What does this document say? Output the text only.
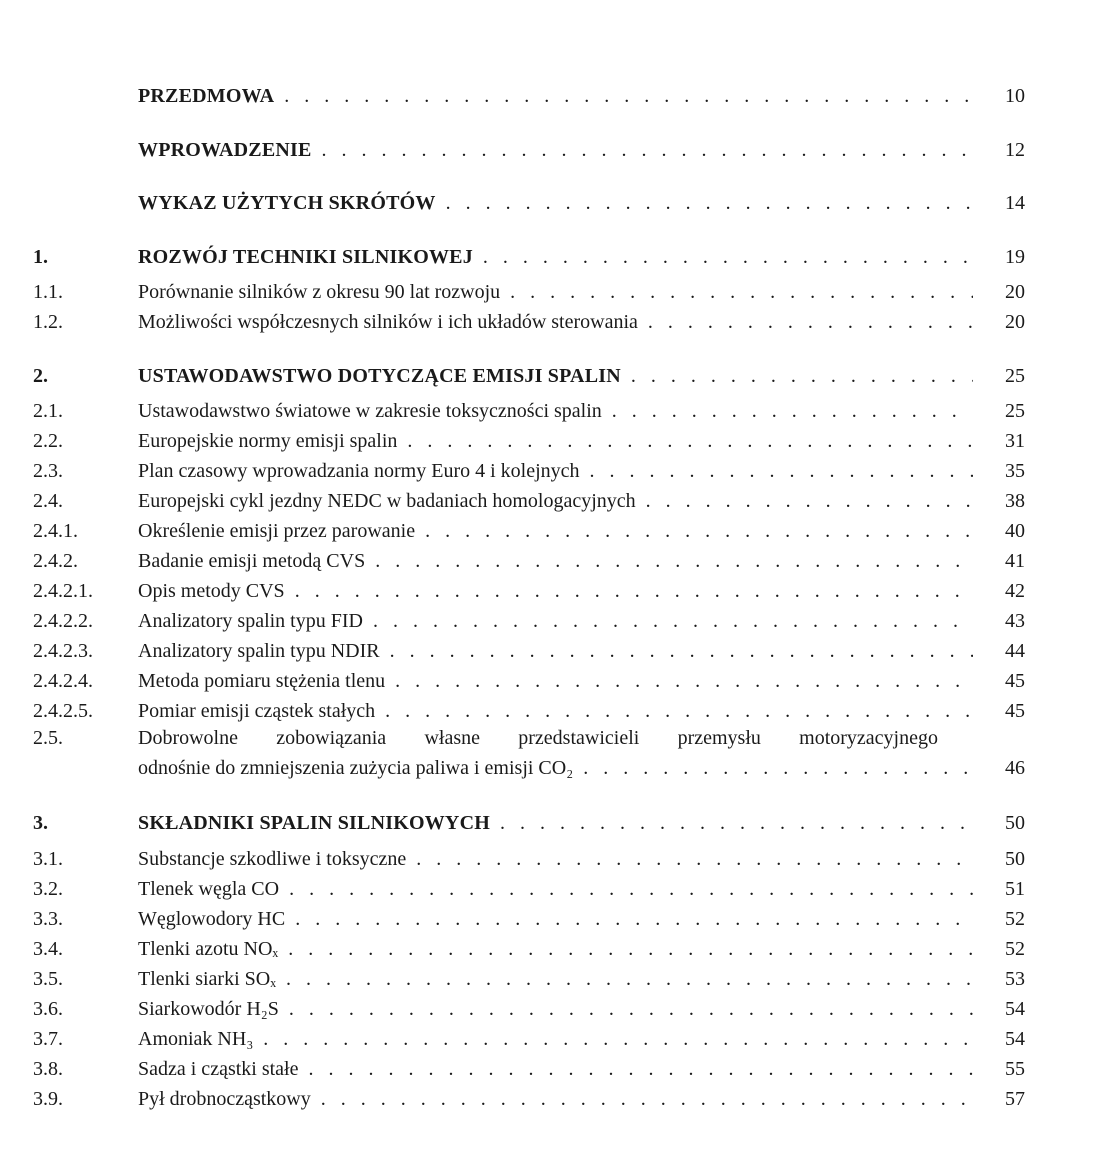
PRZEDMOWA . . .	10
WPROWADZENIE . . .	12
WYKAZ UŻYTYCH SKRÓTÓW . . .	14
1.	ROZWÓJ TECHNIKI SILNIKOWEJ . . .	19
1.1.	Porównanie silników z okresu 90 lat rozwoju . . .	20
1.2.	Możliwości współczesnych silników i ich układów sterowania . . .	20
2.	USTAWODAWSTWO DOTYCZĄCE EMISJI SPALIN . . .	25
2.1.	Ustawodawstwo światowe w zakresie toksyczności spalin . . .	25
2.2.	Europejskie normy emisji spalin . . .	31
2.3.	Plan czasowy wprowadzania normy Euro 4 i kolejnych . . .	35
2.4.	Europejski cykl jezdny NEDC w badaniach homologacyjnych . . .	38
2.4.1.	Określenie emisji przez parowanie . . .	40
2.4.2.	Badanie emisji metodą CVS . . .	41
2.4.2.1. Opis metody CVS . . .	42
2.4.2.2. Analizatory spalin typu FID . . .	43
2.4.2.3. Analizatory spalin typu NDIR . . .	44
2.4.2.4. Metoda pomiaru stężenia tlenu . . .	45
2.4.2.5. Pomiar emisji cząstek stałych . . .	45
2.5.	Dobrowolne zobowiązania własne przedstawicieli przemysłu motoryzacyjnego
odnośnie do zmniejszenia zużycia paliwa i emisji CO₂ . . .	46
3.	SKŁADNIKI SPALIN SILNIKOWYCH . . .	50
3.1.	Substancje szkodliwe i toksyczne . . .	50
3.2.	Tlenek węgla CO . . .	51
3.3.	Węglowodory HC . . .	52
3.4.	Tlenki azotu NOₓ . . .	52
3.5.	Tlenki siarki SOₓ . . .	53
3.6.	Siarkowodór H₂S . . .	54
3.7.	Amoniak NH₃ . . .	54
3.8.	Sadza i cząstki stałe . . .	55
3.9.	Pył drobnocząstkowy . . .	57
